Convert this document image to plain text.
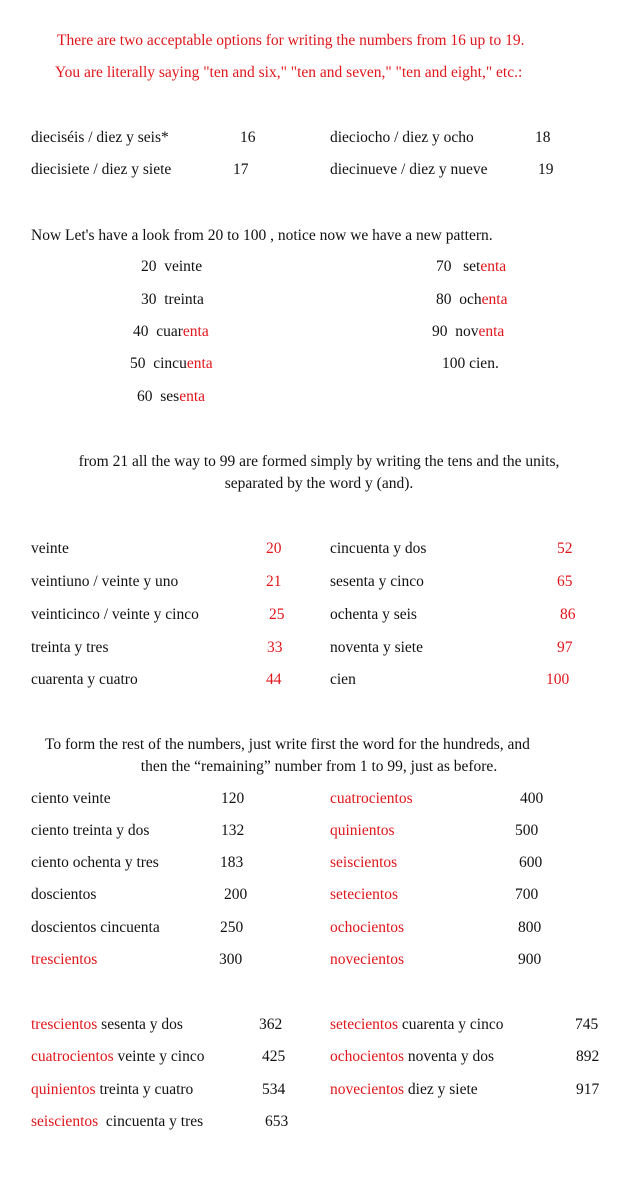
There are two acceptable options for writing the numbers from 16 up to 19.
You are literally saying "ten and six," "ten and seven," "ten and eight," etc.:
dieciséis / diez y seis*	16
diecisiete / diez y siete	17
dieciocho / diez y ocho	18
diecinueve / diez y nueve	19
Now Let's have a look from 20 to 100 , notice now we have a new pattern.
20 veinte
30 treinta
40 cuarenta
50 cincuenta
60 sesenta
70 setenta
80 ochenta
90 noventa
100 cien.
from 21 all the way to 99 are formed simply by writing the tens and the units,
separated by the word y (and).
veinte	20
veintiuno / veinte y uno	21
veinticinco / veinte y cinco	25
treinta y tres	33
cuarenta y cuatro	44
cincuenta y dos	52
sesenta y cinco	65
ochenta y seis	86
noventa y siete	97
cien	100
To form the rest of the numbers, just write first the word for the hundreds, and
then the “remaining” number from 1 to 99, just as before.
ciento veinte	120
ciento treinta y dos	132
ciento ochenta y tres	183
doscientos	200
doscientos cincuenta	250
trescientos	300
cuatrocientos	400
quinientos	500
seiscientos	600
setecientos	700
ochocientos	800
novecientos	900
trescientos sesenta y dos	362
cuatrocientos veinte y cinco	425
quinientos treinta y cuatro	534
seiscientos  cincuenta y tres	653
setecientos cuarenta y cinco	745
ochocientos noventa y dos	892
novecientos diez y siete	917
